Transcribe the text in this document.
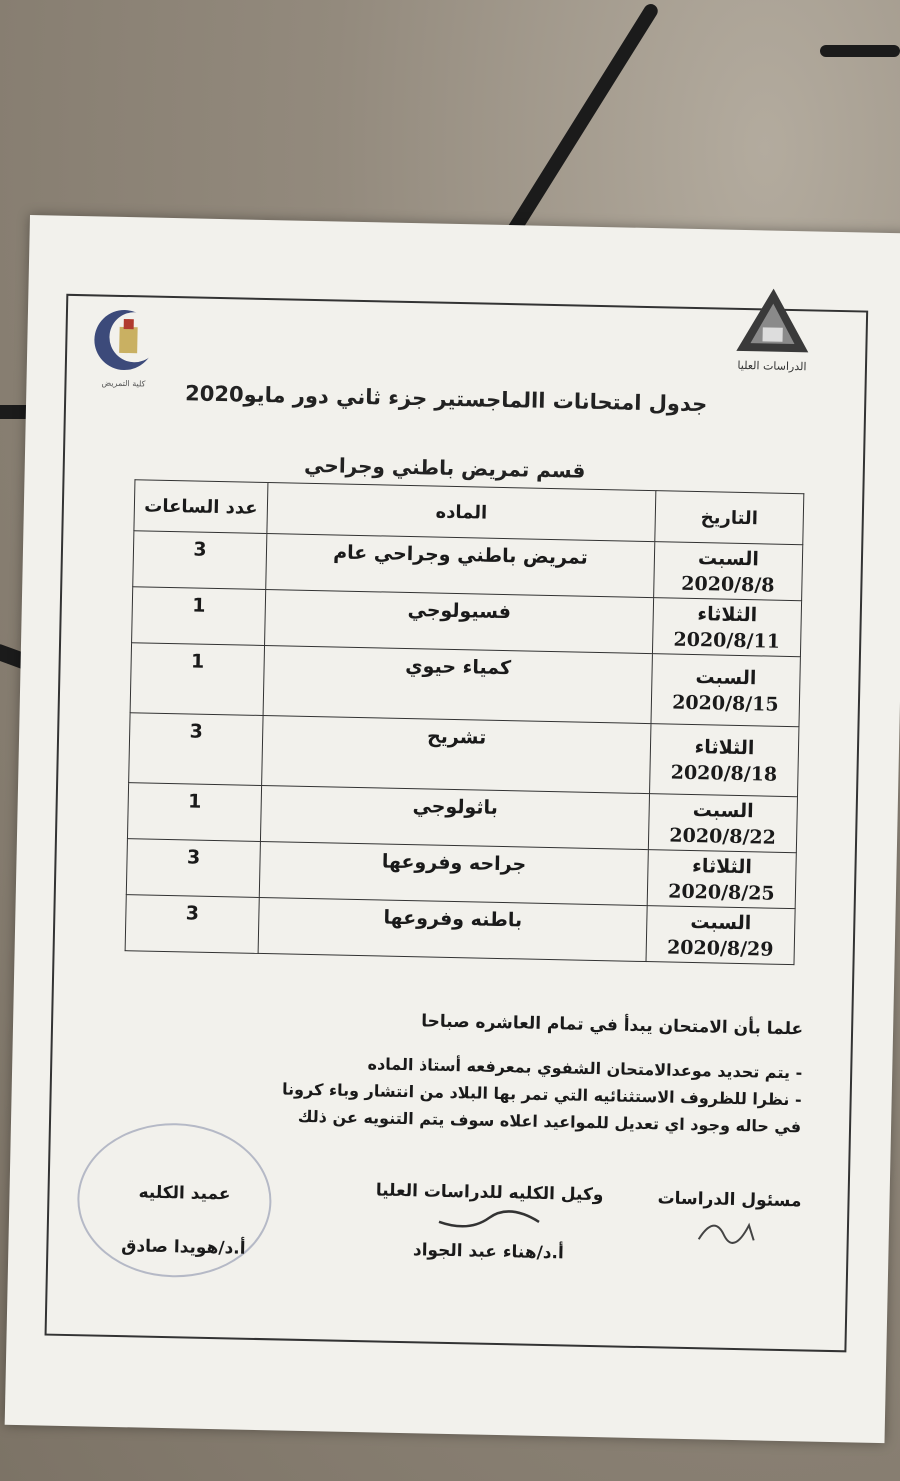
كلية التمريض
الدراسات العليا
جدول امتحانات االماجستير جزء ثاني دور مايو2020
قسم تمريض باطني وجراحي
التاريخ	الماده	عدد الساعات

السبت
2020/8/8	تمريض باطني وجراحي عام	3

الثلاثاء
2020/8/11	فسيولوجي	1

السبت
2020/8/15	كمياء حيوي	1

الثلاثاء
2020/8/18	تشريح	3

السبت
2020/8/22	باثولوجي	1

الثلاثاء
2020/8/25	جراحه وفروعها	3

السبت
2020/8/29	باطنه وفروعها	3
علما بأن الامتحان يبدأ في تمام العاشره صباحا
- يتم تحديد موعدالامتحان الشفوي بمعرفعه أستاذ الماده
- نظرا للظروف الاستثنائيه التي تمر بها البلاد من انتشار وباء كرونا
في حاله وجود اي تعديل للمواعيد اعلاه سوف يتم التنويه عن ذلك
مسئول الدراسات
وكيل الكليه للدراسات العليا
أ.د/هناء عبد الجواد
عميد الكليه
أ.د/هويدا صادق
